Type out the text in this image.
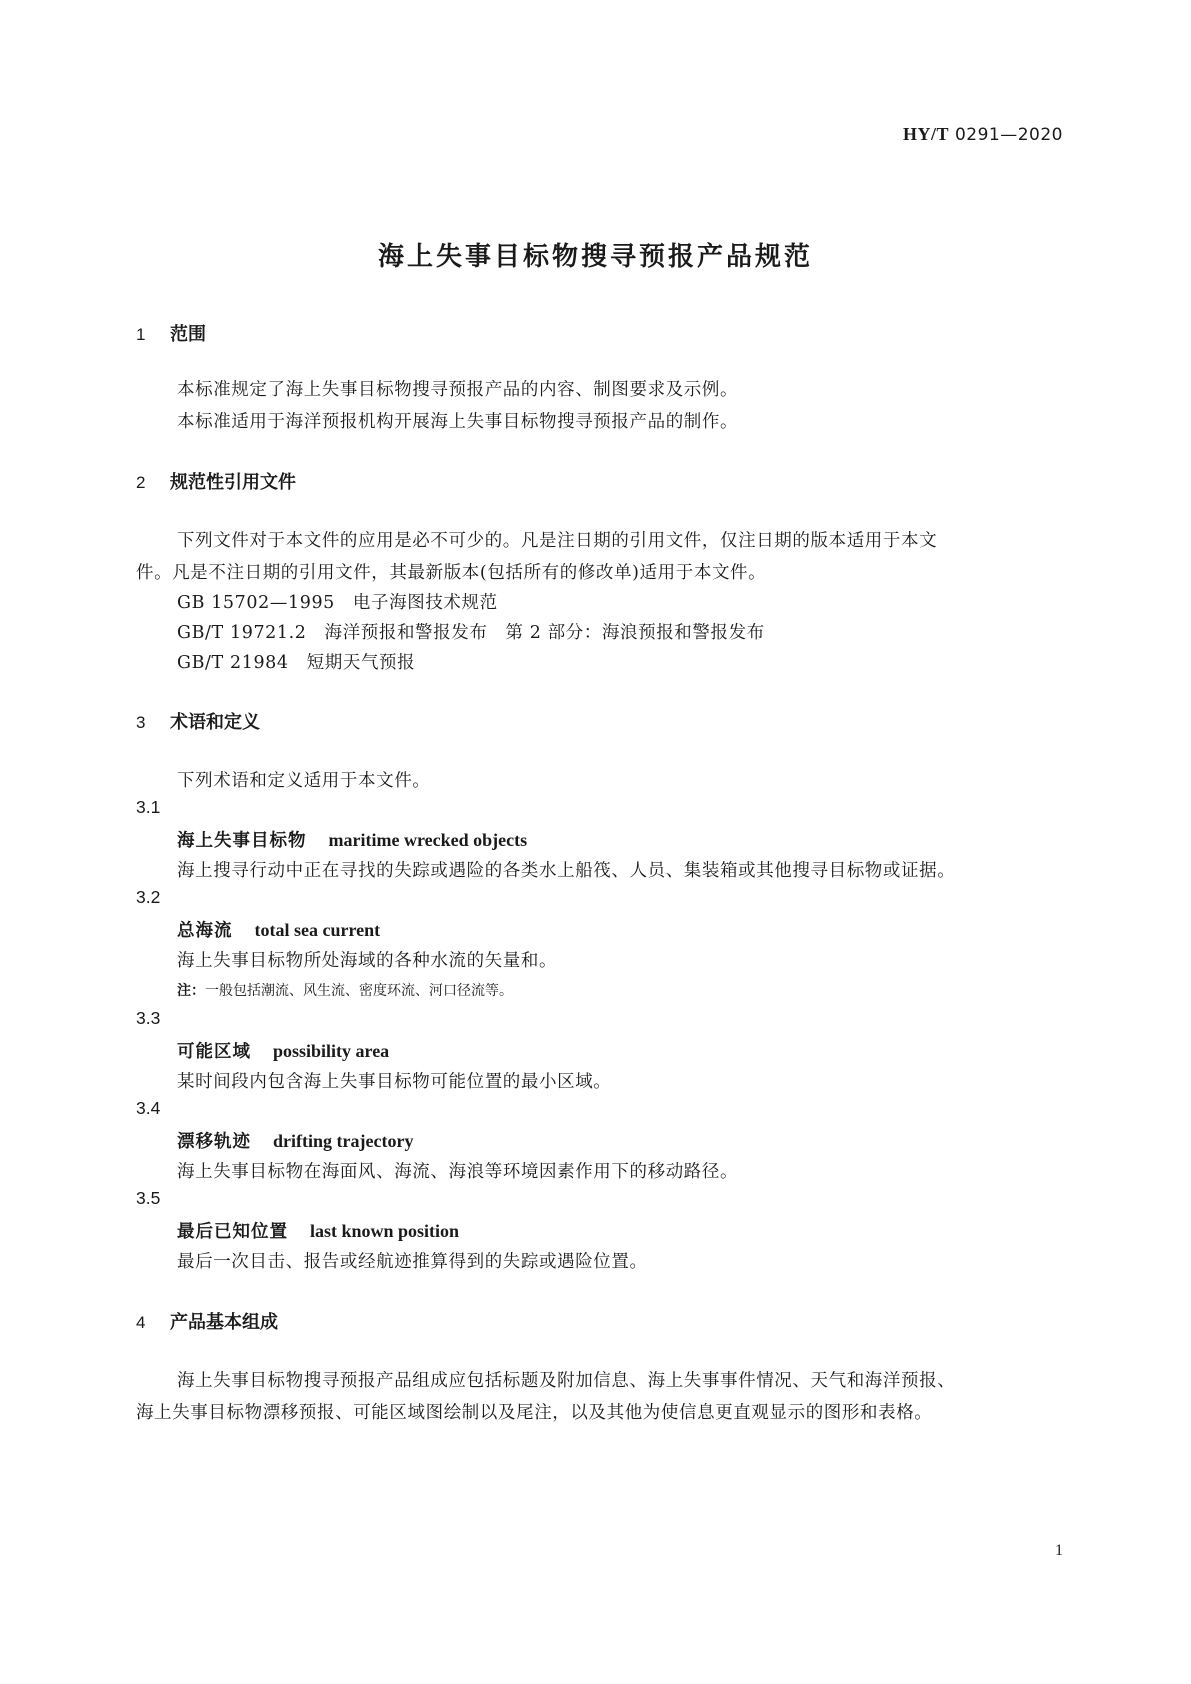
HY/T 0291—2020
海上失事目标物搜寻预报产品规范
1 范围
本标准规定了海上失事目标物搜寻预报产品的内容、制图要求及示例。
本标准适用于海洋预报机构开展海上失事目标物搜寻预报产品的制作。
2 规范性引用文件
下列文件对于本文件的应用是必不可少的。凡是注日期的引用文件，仅注日期的版本适用于本文
件。凡是不注日期的引用文件，其最新版本(包括所有的修改单)适用于本文件。
GB 15702—1995 电子海图技术规范
GB/T 19721.2 海洋预报和警报发布 第 2 部分：海浪预报和警报发布
GB/T 21984 短期天气预报
3 术语和定义
下列术语和定义适用于本文件。
3.1
海上失事目标物 maritime wrecked objects
海上搜寻行动中正在寻找的失踪或遇险的各类水上船筏、人员、集装箱或其他搜寻目标物或证据。
3.2
总海流 total sea current
海上失事目标物所处海域的各种水流的矢量和。
注：一般包括潮流、风生流、密度环流、河口径流等。
3.3
可能区域 possibility area
某时间段内包含海上失事目标物可能位置的最小区域。
3.4
漂移轨迹 drifting trajectory
海上失事目标物在海面风、海流、海浪等环境因素作用下的移动路径。
3.5
最后已知位置 last known position
最后一次目击、报告或经航迹推算得到的失踪或遇险位置。
4 产品基本组成
海上失事目标物搜寻预报产品组成应包括标题及附加信息、海上失事事件情况、天气和海洋预报、
海上失事目标物漂移预报、可能区域图绘制以及尾注，以及其他为使信息更直观显示的图形和表格。
1
